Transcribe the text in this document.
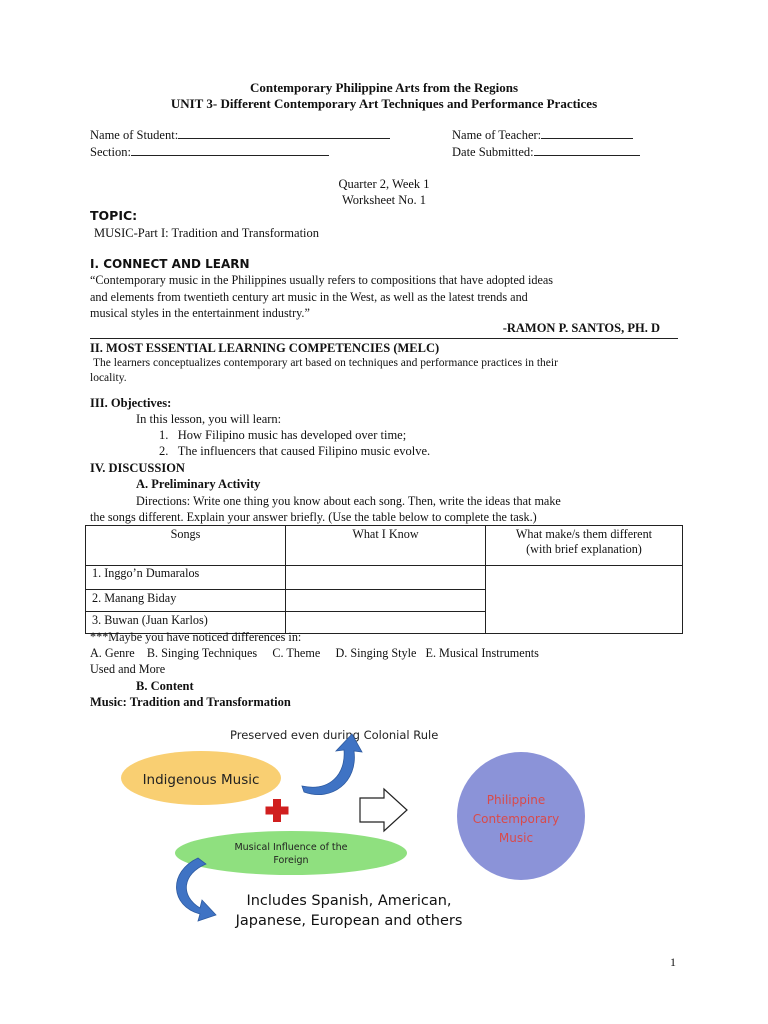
Contemporary Philippine Arts from the Regions
UNIT 3- Different Contemporary Art Techniques and Performance Practices
Name of Student:	Name of Teacher:
Section:	Date Submitted:
Quarter 2, Week 1
Worksheet No. 1
TOPIC:
MUSIC-Part I: Tradition and Transformation
I. CONNECT AND LEARN
“Contemporary music in the Philippines usually refers to compositions that have adopted ideas
and elements from twentieth century art music in the West, as well as the latest trends and
musical styles in the entertainment industry.”
-RAMON P. SANTOS, PH. D
II. MOST ESSENTIAL LEARNING COMPETENCIES (MELC)
The learners conceptualizes contemporary art based on techniques and performance practices in their
locality.
III. Objectives:
In this lesson, you will learn:
1. How Filipino music has developed over time;
2. The influencers that caused Filipino music evolve.
IV. DISCUSSION
A. Preliminary Activity
Directions: Write one thing you know about each song. Then, write the ideas that make
the songs different. Explain your answer briefly. (Use the table below to complete the task.)
Songs	What I Know	What make/s them different
(with brief explanation)
1. Inggo’n Dumaralos		
2. Manang Biday		
3. Buwan (Juan Karlos)		
***Maybe you have noticed differences in:
A. Genre    B. Singing Techniques     C. Theme     D. Singing Style   E. Musical Instruments
Used and More
B. Content
Music: Tradition and Transformation
Indigenous Music
Preserved even during Colonial Rule
Musical Influence of the
Foreign
Philippine
Contemporary
Music
Includes Spanish, American,
Japanese, European and others
1
